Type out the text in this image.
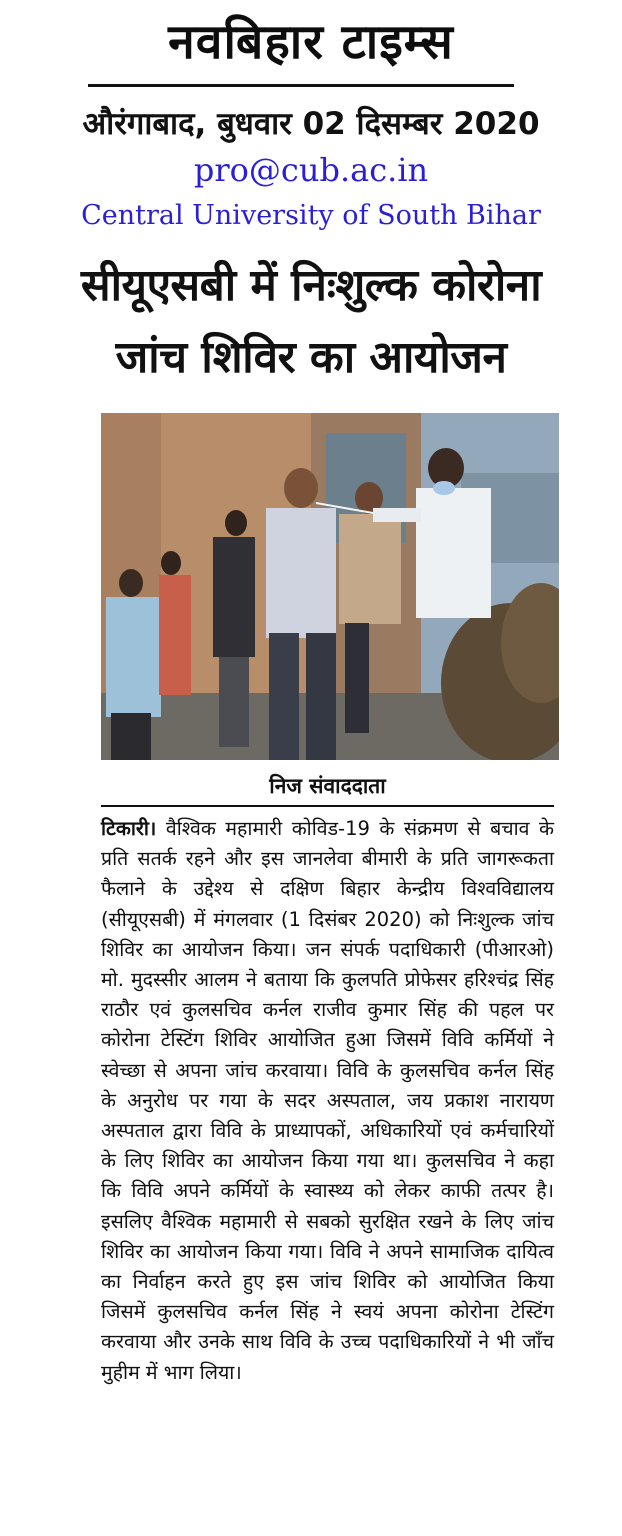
नवबिहार टाइम्स
औरंगाबाद, बुधवार 02 दिसम्बर 2020
pro@cub.ac.in
Central University of South Bihar
सीयूएसबी में निःशुल्क कोरोना
जांच शिविर का आयोजन
निज संवाददाता
टिकारी। वैश्विक महामारी कोविड-19 के संक्रमण से बचाव के प्रति सतर्क रहने और इस जानलेवा बीमारी के प्रति जागरूकता फैलाने के उद्देश्य से दक्षिण बिहार केन्द्रीय विश्वविद्यालय (सीयूएसबी) में मंगलवार (1 दिसंबर 2020) को निःशुल्क जांच शिविर का आयोजन किया। जन संपर्क पदाधिकारी (पीआरओ) मो. मुदस्सीर आलम ने बताया कि कुलपति प्रोफेसर हरिश्चंद्र सिंह राठौर एवं कुलसचिव कर्नल राजीव कुमार सिंह की पहल पर कोरोना टेस्टिंग शिविर आयोजित हुआ जिसमें विवि कर्मियों ने स्वेच्छा से अपना जांच करवाया। विवि के कुलसचिव कर्नल सिंह के अनुरोध पर गया के सदर अस्पताल, जय प्रकाश नारायण अस्पताल द्वारा विवि के प्राध्यापकों, अधिकारियों एवं कर्मचारियों के लिए शिविर का आयोजन किया गया था। कुलसचिव ने कहा कि विवि अपने कर्मियों के स्वास्थ्य को लेकर काफी तत्पर है। इसलिए वैश्विक महामारी से सबको सुरक्षित रखने के लिए जांच शिविर का आयोजन किया गया। विवि ने अपने सामाजिक दायित्व का निर्वाहन करते हुए इस जांच शिविर को आयोजित किया जिसमें कुलसचिव कर्नल सिंह ने स्वयं अपना कोरोना टेस्टिंग करवाया और उनके साथ विवि के उच्च पदाधिकारियों ने भी जाँच मुहीम में भाग लिया।
